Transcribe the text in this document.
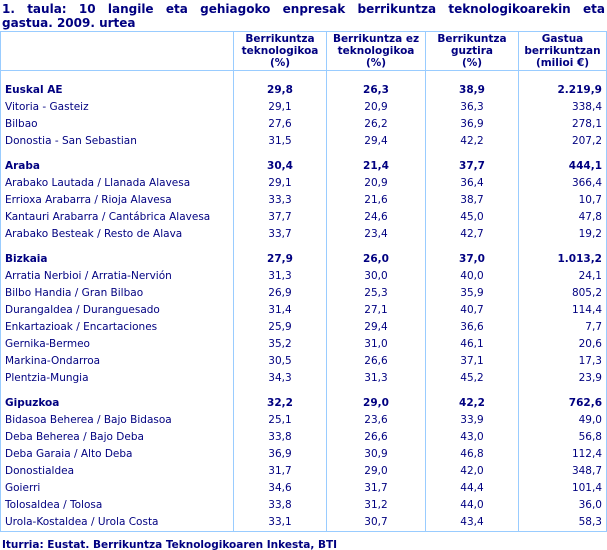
1. taula: 10 langile eta gehiagoko enpresak berrikuntza teknologikoarekin eta gastua. 2009. urtea

	Berrikuntza
teknologikoa
(%)	Berrikuntza ez
teknologikoa
(%)	Berrikuntza
guztira
(%)	Gastua
berrikuntzan
(milioi €)

Euskal AE	29,8	26,3	38,9	2.219,9
Vitoria - Gasteiz	29,1	20,9	36,3	338,4
Bilbao	27,6	26,2	36,9	278,1
Donostia - San Sebastian	31,5	29,4	42,2	207,2

Araba	30,4	21,4	37,7	444,1
Arabako Lautada / Llanada Alavesa	29,1	20,9	36,4	366,4
Errioxa Arabarra / Rioja Alavesa	33,3	21,6	38,7	10,7
Kantauri Arabarra / Cantábrica Alavesa	37,7	24,6	45,0	47,8
Arabako Besteak / Resto de Alava	33,7	23,4	42,7	19,2

Bizkaia	27,9	26,0	37,0	1.013,2
Arratia Nerbioi / Arratia-Nervión	31,3	30,0	40,0	24,1
Bilbo Handia / Gran Bilbao	26,9	25,3	35,9	805,2
Durangaldea / Duranguesado	31,4	27,1	40,7	114,4
Enkartazioak / Encartaciones	25,9	29,4	36,6	7,7
Gernika-Bermeo	35,2	31,0	46,1	20,6
Markina-Ondarroa	30,5	26,6	37,1	17,3
Plentzia-Mungia	34,3	31,3	45,2	23,9

Gipuzkoa	32,2	29,0	42,2	762,6
Bidasoa Beherea / Bajo Bidasoa	25,1	23,6	33,9	49,0
Deba Beherea / Bajo Deba	33,8	26,6	43,0	56,8
Deba Garaia / Alto Deba	36,9	30,9	46,8	112,4
Donostialdea	31,7	29,0	42,0	348,7
Goierri	34,6	31,7	44,4	101,4
Tolosaldea / Tolosa	33,8	31,2	44,0	36,0
Urola-Kostaldea / Urola Costa	33,1	30,7	43,4	58,3
Iturria: Eustat. Berrikuntza Teknologikoaren Inkesta, BTI
